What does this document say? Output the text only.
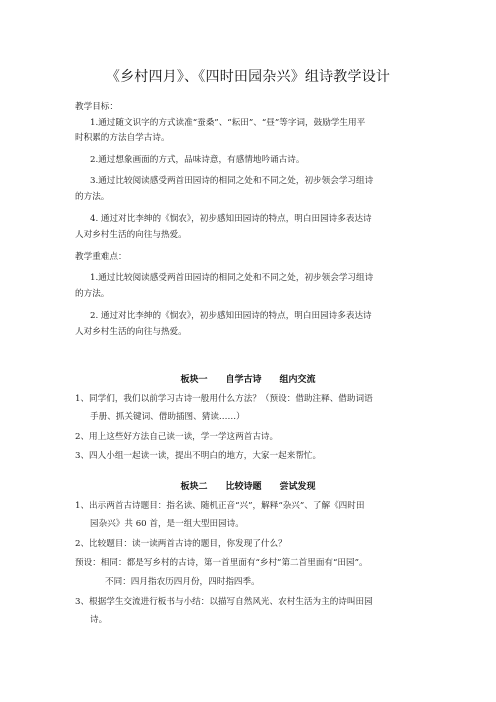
《乡村四月》、《四时田园杂兴》组诗教学设计
教学目标：
1.通过随文识字的方式读准“蚕桑”、“耘田”、“昼”等字词，鼓励学生用平
时积累的方法自学古诗。
2.通过想象画面的方式，品味诗意，有感情地吟诵古诗。
3.通过比较阅读感受两首田园诗的相同之处和不同之处，初步领会学习组诗
的方法。
4. 通过对比李绅的《悯农》，初步感知田园诗的特点，明白田园诗多表达诗
人对乡村生活的向往与热爱。
教学重难点：
1.通过比较阅读感受两首田园诗的相同之处和不同之处，初步领会学习组诗
的方法。
2. 通过对比李绅的《悯农》，初步感知田园诗的特点，明白田园诗多表达诗
人对乡村生活的向往与热爱。
板块一　　自学古诗　　组内交流
1、同学们，我们以前学习古诗一般用什么方法？（预设：借助注释、借助词语
手册、抓关键词、借助插图、猜读……）
2、用上这些好方法自己读一读，学一学这两首古诗。
3、四人小组一起读一读，提出不明白的地方，大家一起来帮忙。
板块二　　比较诗题　　尝试发现
1、出示两首古诗题目：指名读、随机正音“兴”，解释“杂兴”、了解《四时田
园杂兴》共 60 首，是一组大型田园诗。
2、比较题目：读一读两首古诗的题目，你发现了什么？
预设：相同：都是写乡村的古诗，第一首里面有“乡村”第二首里面有“田园”。
不同：四月指农历四月份，四时指四季。
3、根据学生交流进行板书与小结：以描写自然风光、农村生活为主的诗叫田园
诗。
